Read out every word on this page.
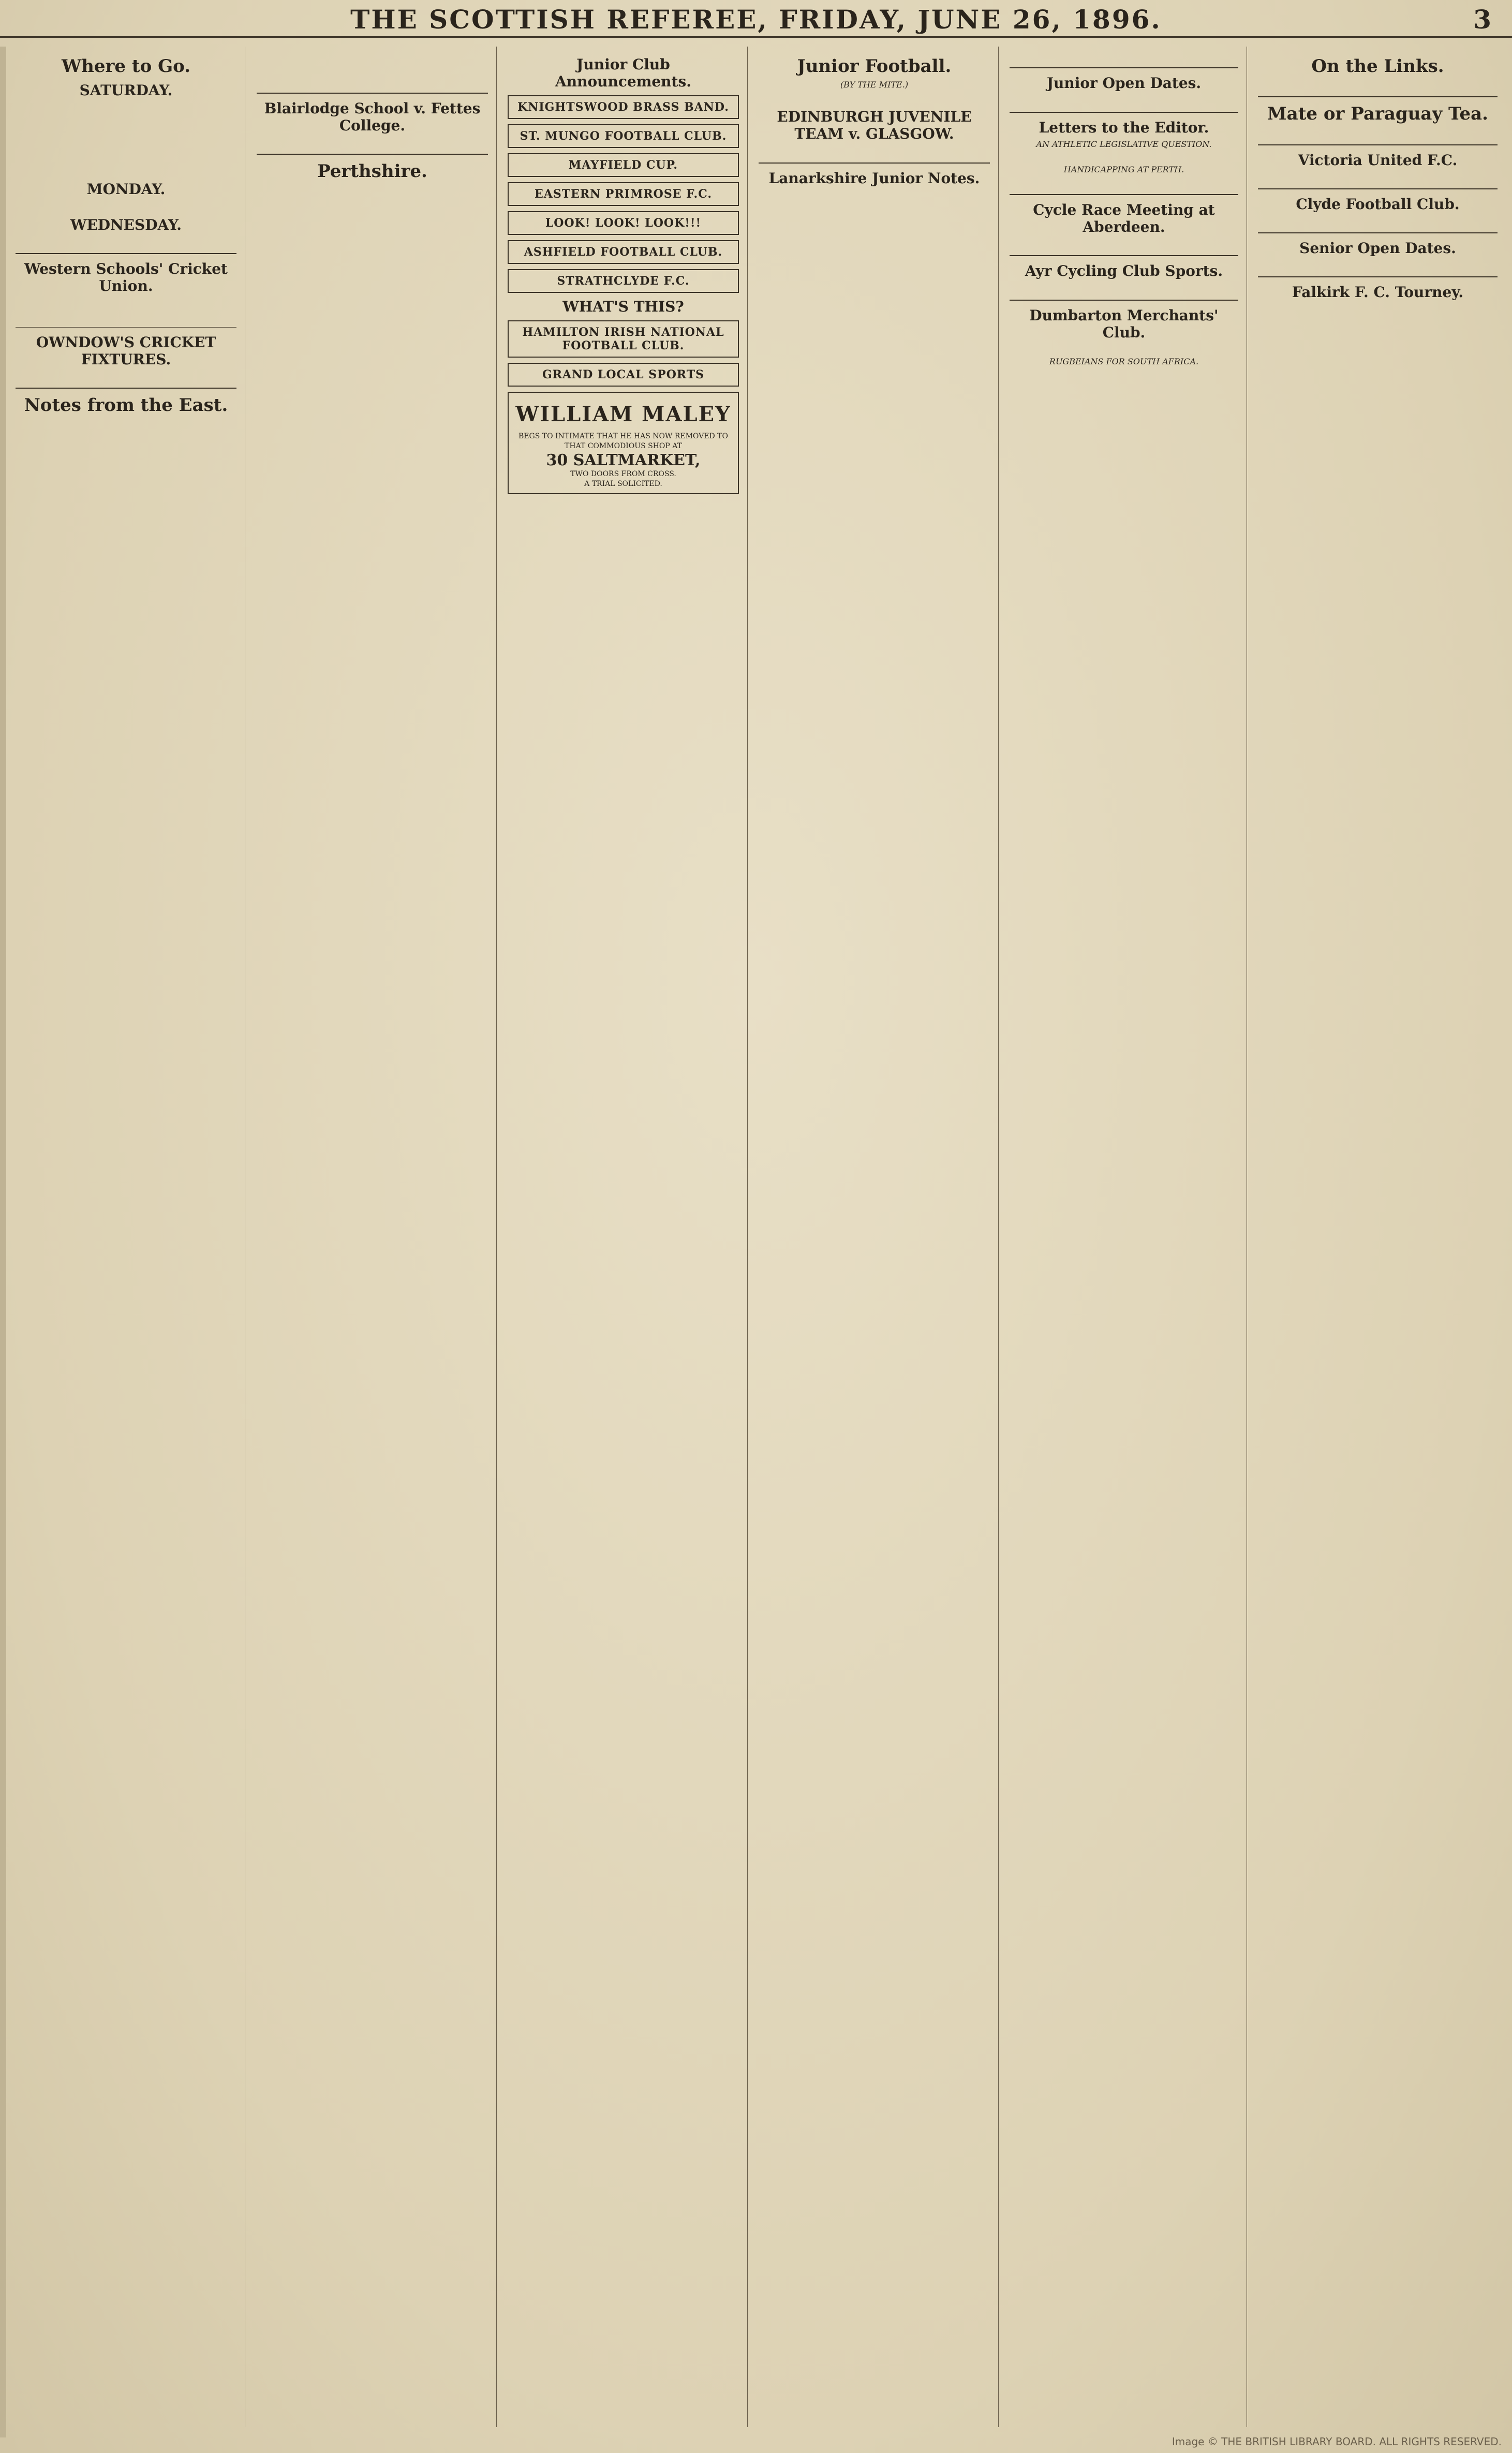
THE SCOTTISH REFEREE, FRIDAY, JUNE 26, 1896.	3
Where to Go.
SATURDAY.

MONDAY.

WEDNESDAY.

Western Schools' Cricket Union.

OWNDOW'S CRICKET FIXTURES.

Notes from the East.

Blairlodge School v. Fettes College.

Perthshire.
Junior Club Announcements.
KNIGHTSWOOD BRASS BAND.
ST. MUNGO FOOTBALL CLUB.
MAYFIELD CUP.
EASTERN PRIMROSE F.C.
LOOK! LOOK! LOOK!!!
ASHFIELD FOOTBALL CLUB.
STRATHCLYDE F.C.
WHAT'S THIS?
HAMILTON IRISH NATIONAL FOOTBALL CLUB.
GRAND LOCAL SPORTS
WILLIAM MALEY
BEGS TO INTIMATE THAT HE HAS NOW REMOVED TO THAT COMMODIOUS SHOP AT
30 SALTMARKET,
TWO DOORS FROM CROSS.
A TRIAL SOLICITED.
Junior Football.
(BY THE MITE.)

EDINBURGH JUVENILE TEAM v. GLASGOW.

Lanarkshire Junior Notes.

Junior Open Dates.

Letters to the Editor.
AN ATHLETIC LEGISLATIVE QUESTION.

HANDICAPPING AT PERTH.

Cycle Race Meeting at Aberdeen.

Ayr Cycling Club Sports.

Dumbarton Merchants' Club.

RUGBEIANS FOR SOUTH AFRICA.
On the Links.

Mate or Paraguay Tea.

Victoria United F.C.

Clyde Football Club.

Senior Open Dates.

Falkirk F. C. Tourney.

Image © THE BRITISH LIBRARY BOARD. ALL RIGHTS RESERVED.
